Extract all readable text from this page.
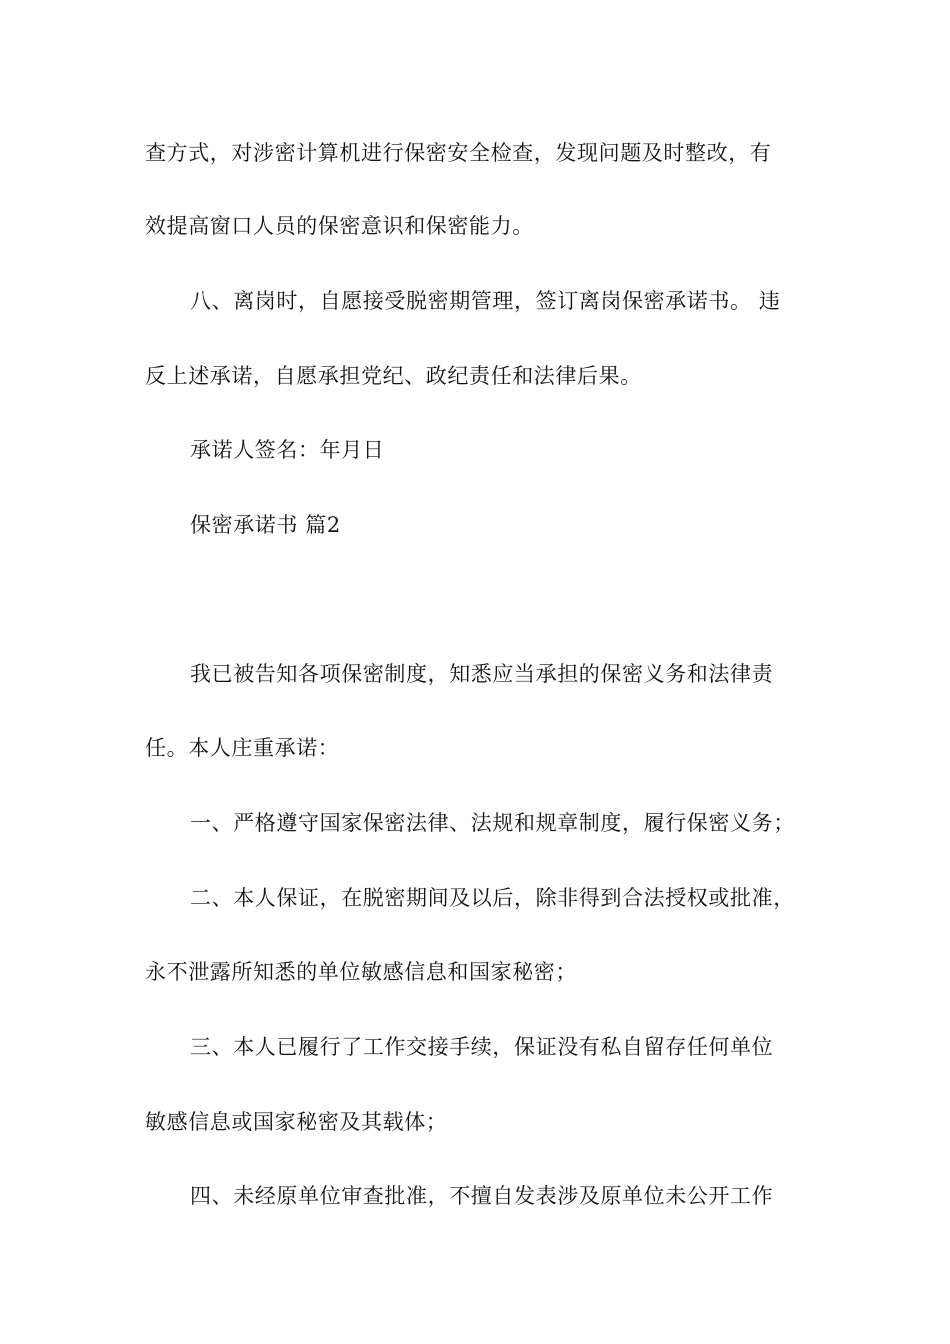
查方式，对涉密计算机进行保密安全检查，发现问题及时整改，有
效提高窗口人员的保密意识和保密能力。
八、离岗时，自愿接受脱密期管理，签订离岗保密承诺书。 违
反上述承诺，自愿承担党纪、政纪责任和法律后果。
承诺人签名：年月日
保密承诺书 篇2
我已被告知各项保密制度，知悉应当承担的保密义务和法律责
任。本人庄重承诺：
一、严格遵守国家保密法律、法规和规章制度，履行保密义务；
二、本人保证，在脱密期间及以后，除非得到合法授权或批准，
永不泄露所知悉的单位敏感信息和国家秘密；
三、本人已履行了工作交接手续，保证没有私自留存任何单位
敏感信息或国家秘密及其载体；
四、未经原单位审查批准，不擅自发表涉及原单位未公开工作
